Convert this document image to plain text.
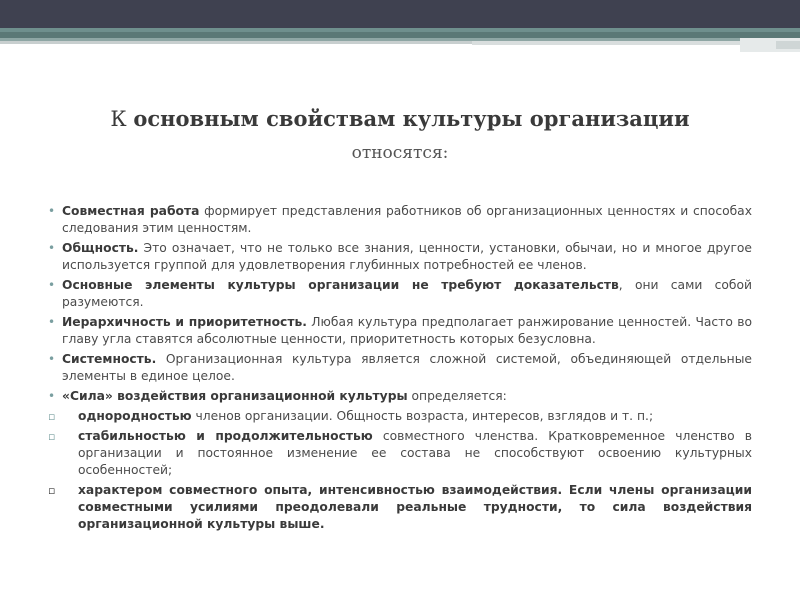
К основным свойствам культуры организации
относятся:
• Совместная работа формирует представления работников об организационных ценностях и способах следования этим ценностям.
• Общность. Это означает, что не только все знания, ценности, установки, обычаи, но и многое другое используется группой для удовлетворения глубинных потребностей ее членов.
• Основные элементы культуры организации не требуют доказательств, они сами собой разумеются.
• Иерархичность и приоритетность. Любая культура предполагает ранжирование ценностей. Часто во главу угла ставятся абсолютные ценности, приоритетность которых безусловна.
• Системность. Организационная культура является сложной системой, объединяющей отдельные элементы в единое целое.
• «Сила» воздействия организационной культуры определяется:
▫ однородностью членов организации. Общность возраста, интересов, взглядов и т. п.;
▫ стабильностью и продолжительностью совместного членства. Кратковременное членство в организации и постоянное изменение ее состава не способствуют освоению культурных особенностей;
▫ характером совместного опыта, интенсивностью взаимодействия. Если члены организации совместными усилиями преодолевали реальные трудности, то сила воздействия организационной культуры выше.
